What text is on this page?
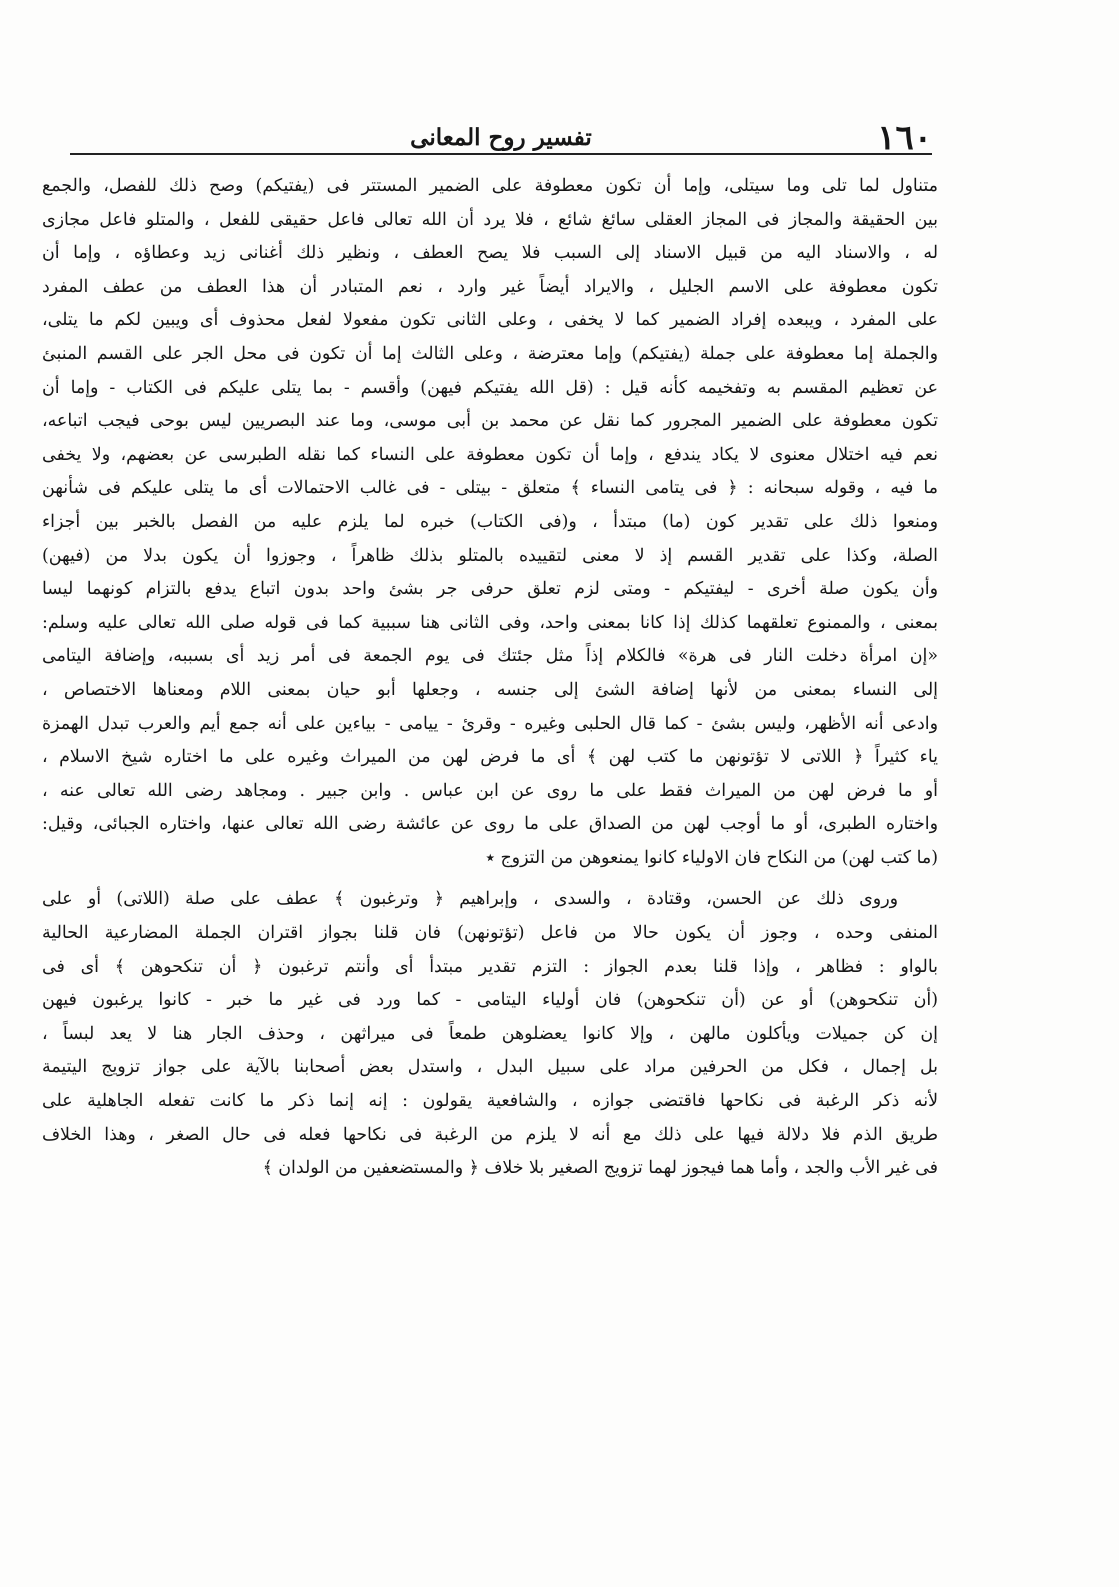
١٦٠
تفسير روح المعانى
متناول لما تلى وما سيتلى، وإما أن تكون معطوفة على الضمير المستتر فى (يفتيكم) وصح ذلك للفصل، والجمع
بين الحقيقة والمجاز فى المجاز العقلى سائغ شائع ، فلا يرد أن الله تعالى فاعل حقيقى للفعل ، والمتلو فاعل مجازى
له ، والاسناد اليه من قبيل الاسناد إلى السبب فلا يصح العطف ، ونظير ذلك أغنانى زيد وعطاؤه ، وإما أن
تكون معطوفة على الاسم الجليل ، والايراد أيضاً غير وارد ، نعم المتبادر أن هذا العطف من عطف المفرد
على المفرد ، ويبعده إفراد الضمير كما لا يخفى ، وعلى الثانى تكون مفعولا لفعل محذوف أى ويبين لكم ما يتلى،
والجملة إما معطوفة على جملة (يفتيكم) وإما معترضة ، وعلى الثالث إما أن تكون فى محل الجر على القسم المنبئ
عن تعظيم المقسم به وتفخيمه كأنه قيل : (قل الله يفتيكم فيهن) وأقسم - بما يتلى عليكم فى الكتاب - وإما أن
تكون معطوفة على الضمير المجرور كما نقل عن محمد بن أبى موسى، وما عند البصريين ليس بوحى فيجب اتباعه،
نعم فيه اختلال معنوى لا يكاد يندفع ، وإما أن تكون معطوفة على النساء كما نقله الطبرسى عن بعضهم، ولا يخفى
ما فيه ، وقوله سبحانه : ﴿ فى يتامى النساء ﴾ متعلق - بيتلى - فى غالب الاحتمالات أى ما يتلى عليكم فى شأنهن
ومنعوا ذلك على تقدير كون (ما) مبتدأ ، و(فى الكتاب) خبره لما يلزم عليه من الفصل بالخبر بين أجزاء
الصلة، وكذا على تقدير القسم إذ لا معنى لتقييده بالمتلو بذلك ظاهراً ، وجوزوا أن يكون بدلا من (فيهن)
وأن يكون صلة أخرى - ليفتيكم - ومتى لزم تعلق حرفى جر بشئ واحد بدون اتباع يدفع بالتزام كونهما ليسا
بمعنى ، والممنوع تعلقهما كذلك إذا كانا بمعنى واحد، وفى الثانى هنا سببية كما فى قوله صلى الله تعالى عليه وسلم:
«إن امرأة دخلت النار فى هرة» فالكلام إذاً مثل جئتك فى يوم الجمعة فى أمر زيد أى بسببه، وإضافة اليتامى
إلى النساء بمعنى من لأنها إضافة الشئ إلى جنسه ، وجعلها أبو حيان بمعنى اللام ومعناها الاختصاص ،
وادعى أنه الأظهر، وليس بشئ - كما قال الحلبى وغيره - وقرئ - ييامى - بياءين على أنه جمع أيم والعرب تبدل الهمزة
ياء كثيراً ﴿ اللاتى لا تؤتونهن ما كتب لهن ﴾ أى ما فرض لهن من الميراث وغيره على ما اختاره شيخ الاسلام ،
أو ما فرض لهن من الميراث فقط على ما روى عن ابن عباس . وابن جبير . ومجاهد رضى الله تعالى عنه ،
واختاره الطبرى، أو ما أوجب لهن من الصداق على ما روى عن عائشة رضى الله تعالى عنها، واختاره الجبائى، وقيل:
(ما كتب لهن) من النكاح فان الاولياء كانوا يمنعوهن من التزوج ٭
وروى ذلك عن الحسن، وقتادة ، والسدى ، وإبراهيم ﴿ وترغبون ﴾ عطف على صلة (اللاتى) أو على
المنفى وحده ، وجوز أن يكون حالا من فاعل (تؤتونهن) فان قلنا بجواز اقتران الجملة المضارعية الحالية
بالواو : فظاهر ، وإذا قلنا بعدم الجواز : التزم تقدير مبتدأ أى وأنتم ترغبون ﴿ أن تنكحوهن ﴾ أى فى
(أن تنكحوهن) أو عن (أن تنكحوهن) فان أولياء اليتامى - كما ورد فى غير ما خبر - كانوا يرغبون فيهن
إن كن جميلات ويأكلون مالهن ، وإلا كانوا يعضلوهن طمعاً فى ميراثهن ، وحذف الجار هنا لا يعد لبساً ،
بل إجمال ، فكل من الحرفين مراد على سبيل البدل ، واستدل بعض أصحابنا بالآية على جواز تزويج اليتيمة
لأنه ذكر الرغبة فى نكاحها فاقتضى جوازه ، والشافعية يقولون : إنه إنما ذكر ما كانت تفعله الجاهلية على
طريق الذم فلا دلالة فيها على ذلك مع أنه لا يلزم من الرغبة فى نكاحها فعله فى حال الصغر ، وهذا الخلاف
فى غير الأب والجد ، وأما هما فيجوز لهما تزويج الصغير بلا خلاف ﴿ والمستضعفين من الولدان ﴾
